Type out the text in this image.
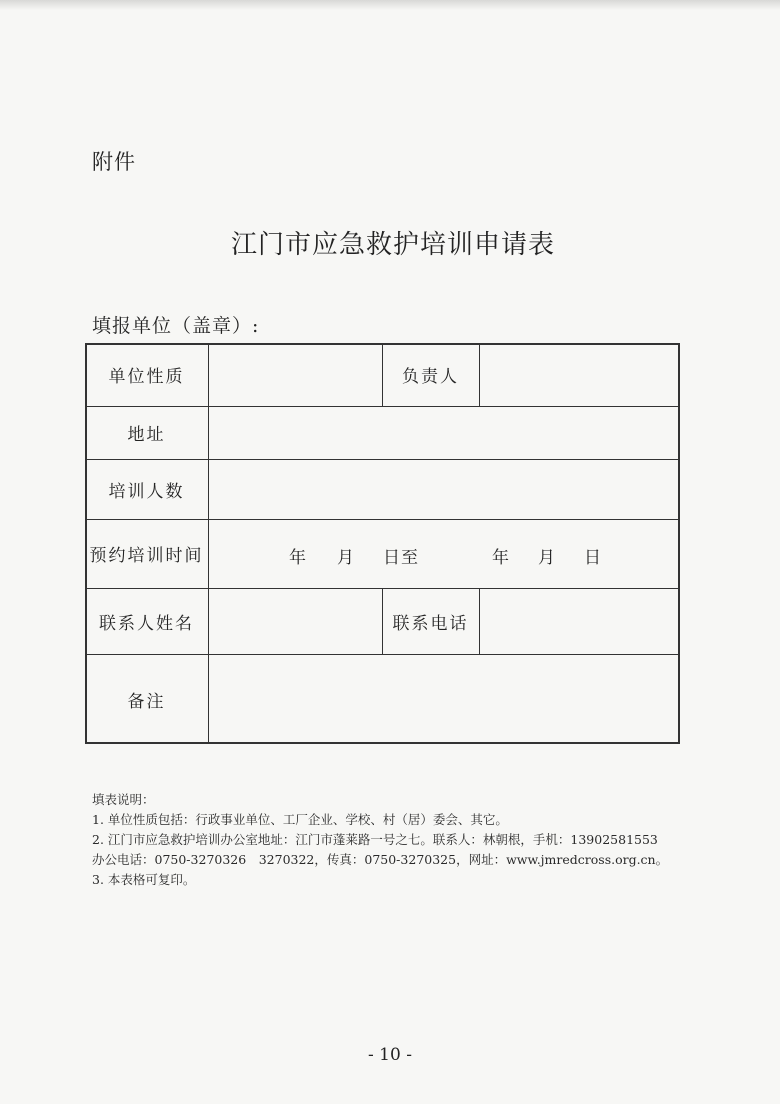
附件
江门市应急救护培训申请表
填报单位（盖章）:
单位性质	负责人
地址
培训人数
预约培训时间	年 月 日至	年 月 日
联系人姓名	联系电话
备注
填表说明：
1. 单位性质包括：行政事业单位、工厂企业、学校、村（居）委会、其它。
2. 江门市应急救护培训办公室地址：江门市蓬莱路一号之七。联系人：林朝根，手机：13902581553
办公电话：0750-3270326　3270322，传真：0750-3270325，网址：www.jmredcross.org.cn。
3. 本表格可复印。
- 10 -
